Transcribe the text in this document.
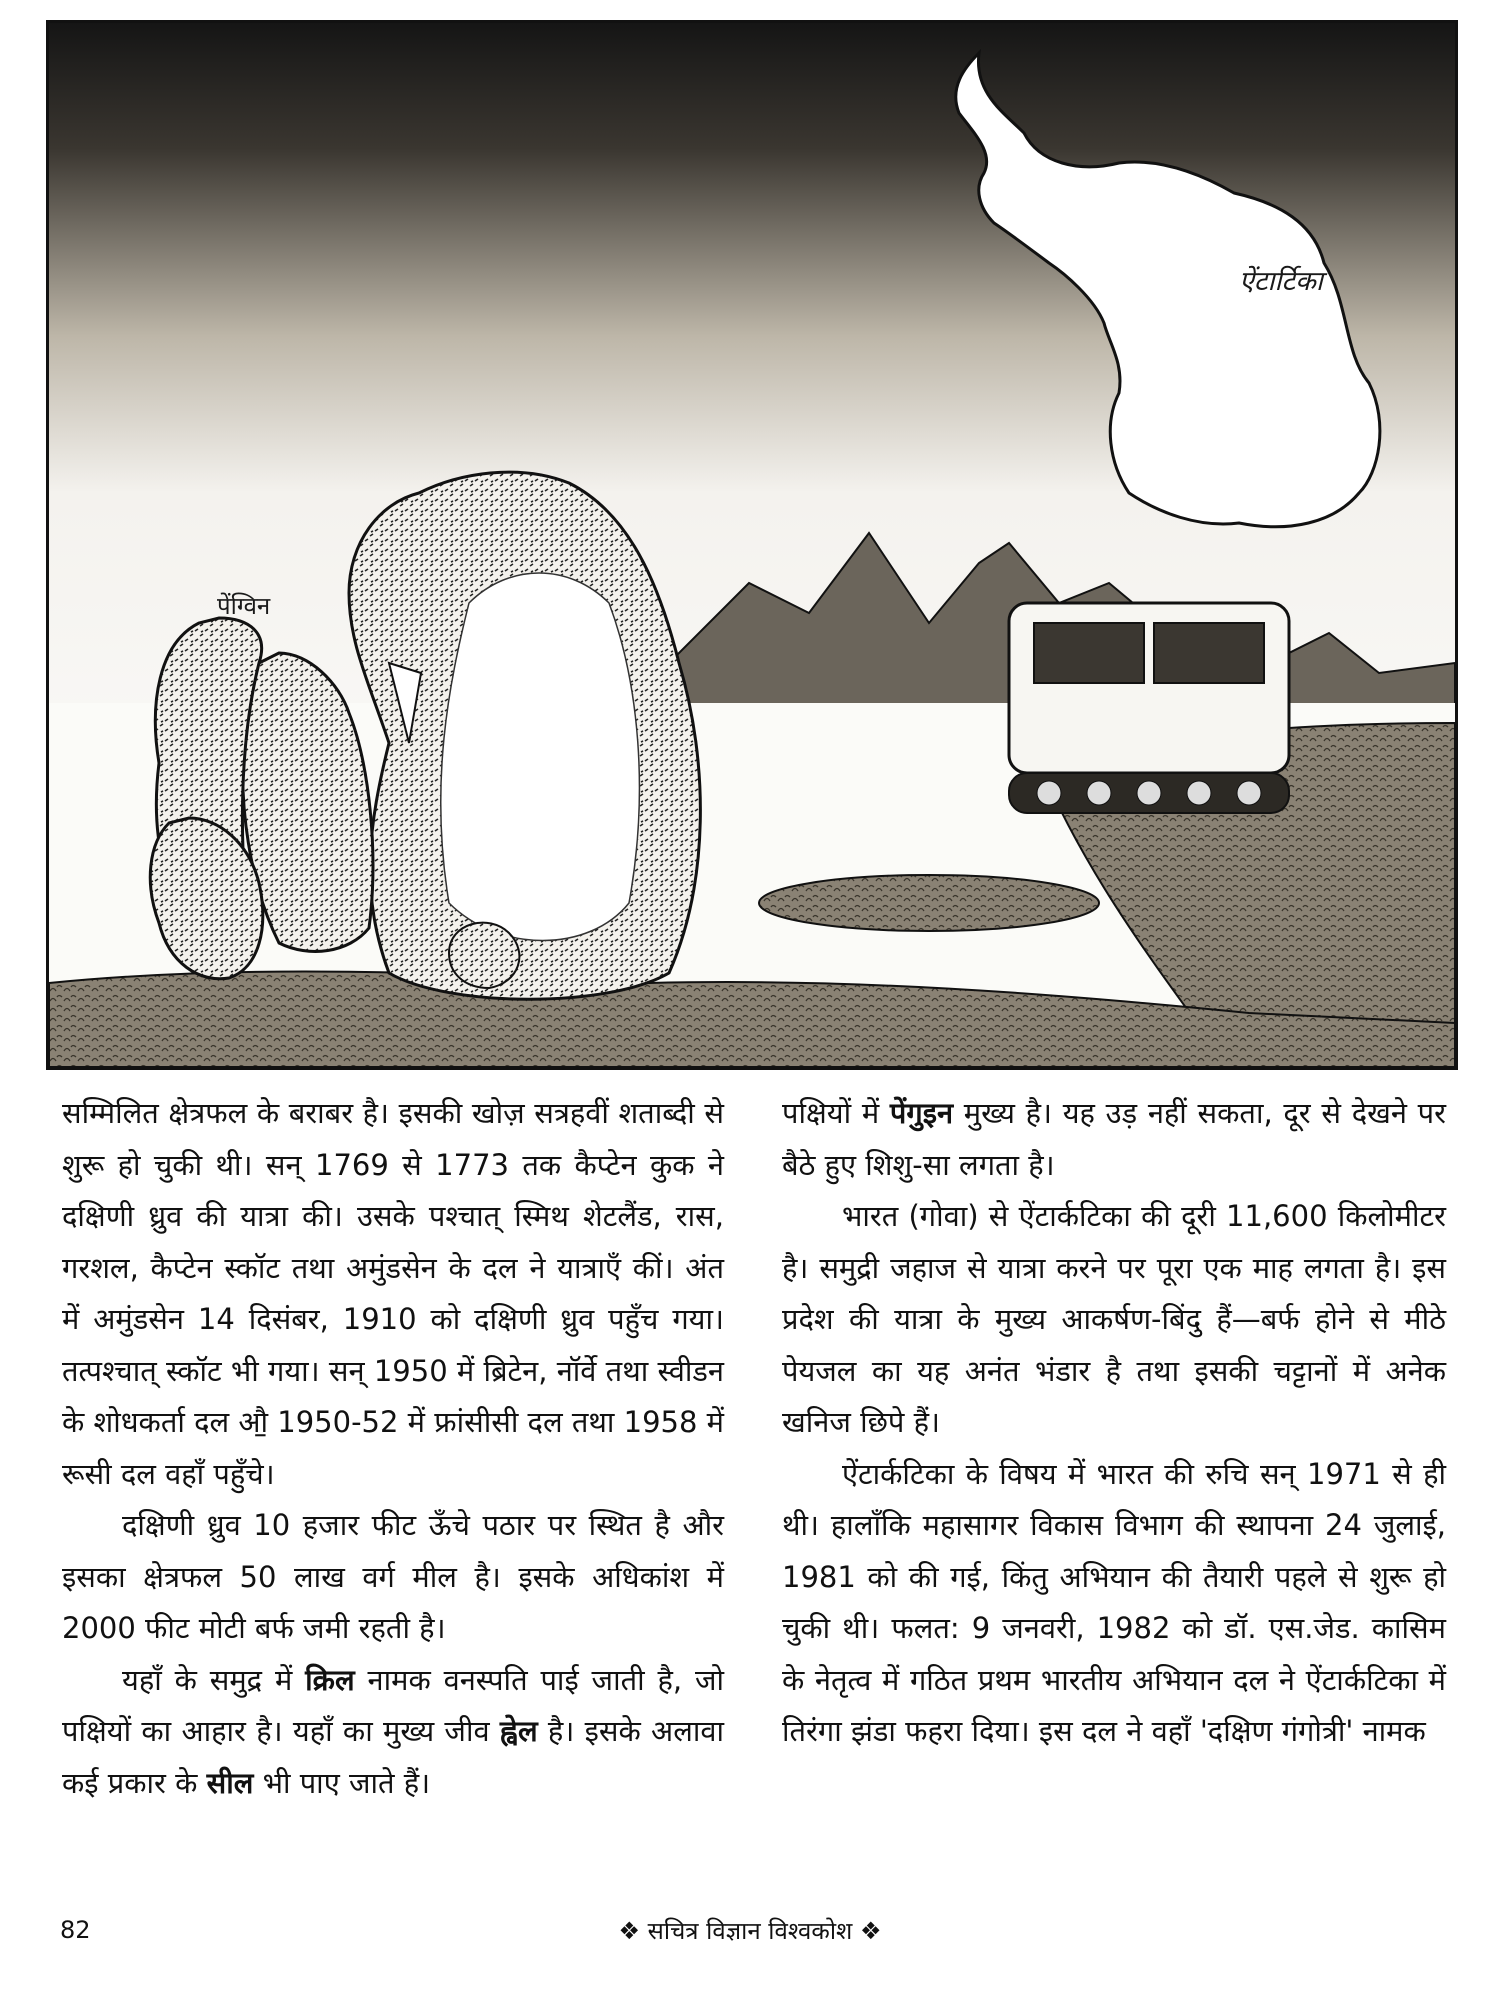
ऐंटार्टिका
पेंग्विन

सम्मिलित क्षेत्रफल के बराबर है। इसकी खोज़ सत्रहवीं शताब्दी से शुरू हो चुकी थी। सन् 1769 से 1773 तक कैप्टेन कुक ने दक्षिणी ध्रुव की यात्रा की। उसके पश्चात् स्मिथ शेटलैंड, रास, गरशल, कैप्टेन स्कॉट तथा अमुंडसेन के दल ने यात्राएँ कीं। अंत में अमुंडसेन 14 दिसंबर, 1910 को दक्षिणी ध्रुव पहुँच गया। तत्पश्चात् स्कॉट भी गया। सन् 1950 में ब्रिटेन, नॉर्वे तथा स्वीडन के शोधकर्ता दल औ॒ 1950-52 में फ्रांसीसी दल तथा 1958 में रूसी दल वहाँ पहुँचे।

दक्षिणी ध्रुव 10 हजार फीट ऊँचे पठार पर स्थित है और इसका क्षेत्रफल 50 लाख वर्ग मील है। इसके अधिकांश में 2000 फीट मोटी बर्फ जमी रहती है।

यहाँ के समुद्र में क्रिल नामक वनस्पति पाई जाती है, जो पक्षियों का आहार है। यहाँ का मुख्य जीव ह्वेल है। इसके अलावा कई प्रकार के सील भी पाए जाते हैं।

पक्षियों में पेंगुइन मुख्य है। यह उड़ नहीं सकता, दूर से देखने पर बैठे हुए शिशु-सा लगता है।

भारत (गोवा) से ऐंटार्कटिका की दूरी 11,600 किलोमीटर है। समुद्री जहाज से यात्रा करने पर पूरा एक माह लगता है। इस प्रदेश की यात्रा के मुख्य आकर्षण-बिंदु हैं—बर्फ होने से मीठे पेयजल का यह अनंत भंडार है तथा इसकी चट्टानों में अनेक खनिज छिपे हैं।

ऐंटार्कटिका के विषय में भारत की रुचि सन् 1971 से ही थी। हालाँकि महासागर विकास विभाग की स्थापना 24 जुलाई, 1981 को की गई, किंतु अभियान की तैयारी पहले से शुरू हो चुकी थी। फलत: 9 जनवरी, 1982 को डॉ. एस.जेड. कासिम के नेतृत्व में गठित प्रथम भारतीय अभियान दल ने ऐंटार्कटिका में तिरंगा झंडा फहरा दिया। इस दल ने वहाँ 'दक्षिण गंगोत्री' नामक

82	❖ सचित्र विज्ञान विश्वकोश ❖
